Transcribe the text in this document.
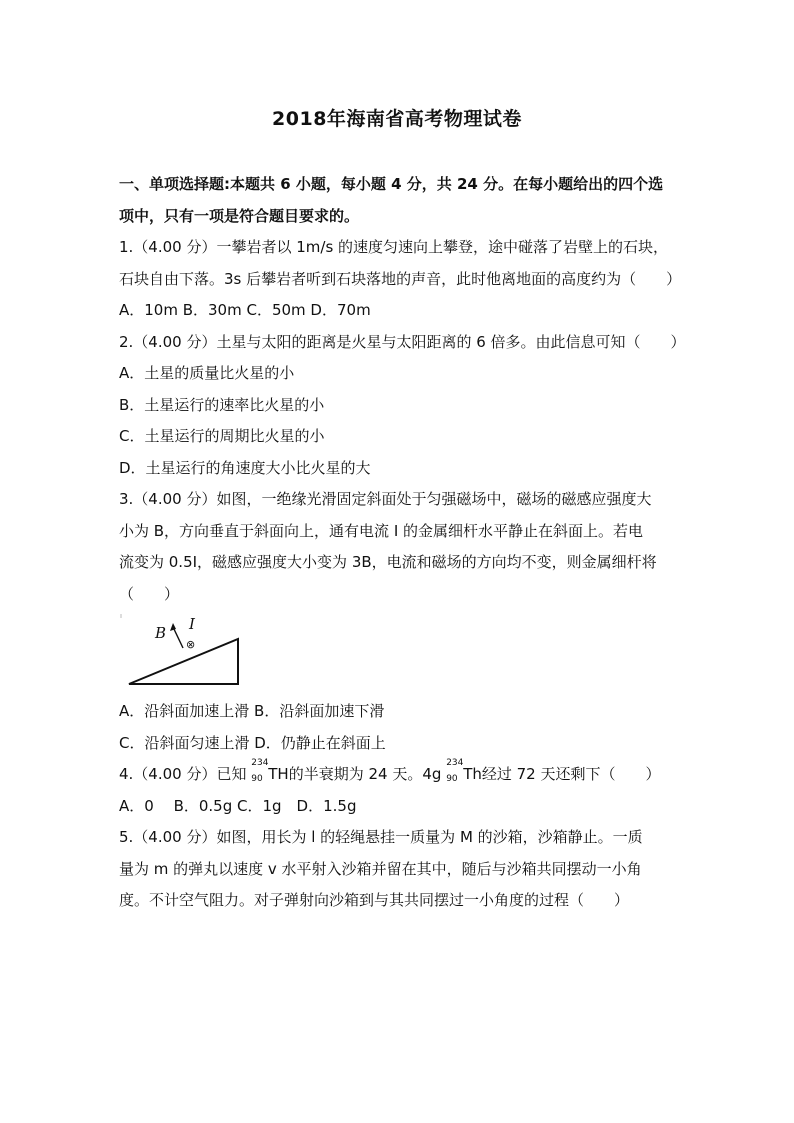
2018年海南省高考物理试卷
一、单项选择题:本题共 6 小题，每小题 4 分，共 24 分。在每小题给出的四个选
项中，只有一项是符合题目要求的。
1.（4.00 分）一攀岩者以 1m/s 的速度匀速向上攀登，途中碰落了岩壁上的石块，
石块自由下落。3s 后攀岩者听到石块落地的声音，此时他离地面的高度约为（　　）
A．10m B．30m C．50m D．70m
2.（4.00 分）土星与太阳的距离是火星与太阳距离的 6 倍多。由此信息可知（　　）
A．土星的质量比火星的小
B．土星运行的速率比火星的小
C．土星运行的周期比火星的小
D．土星运行的角速度大小比火星的大
3.（4.00 分）如图，一绝缘光滑固定斜面处于匀强磁场中，磁场的磁感应强度大
小为 B，方向垂直于斜面向上，通有电流 I 的金属细杆水平静止在斜面上。若电
流变为 0.5I，磁感应强度大小变为 3B，电流和磁场的方向均不变，则金属细杆将
（　　）
B I
⊗
A．沿斜面加速上滑 B．沿斜面加速下滑
C．沿斜面匀速上滑 D．仍静止在斜面上
4.（4.00 分）已知
234
90 TH的半衰期为 24 天。4g
234
90 Th经过 72 天还剩下（　　）
A．0　 B．0.5g C．1g　D．1.5g
5.（4.00 分）如图，用长为 l 的轻绳悬挂一质量为 M 的沙箱，沙箱静止。一质
量为 m 的弹丸以速度 v 水平射入沙箱并留在其中，随后与沙箱共同摆动一小角
度。不计空气阻力。对子弹射向沙箱到与其共同摆过一小角度的过程（　　）
